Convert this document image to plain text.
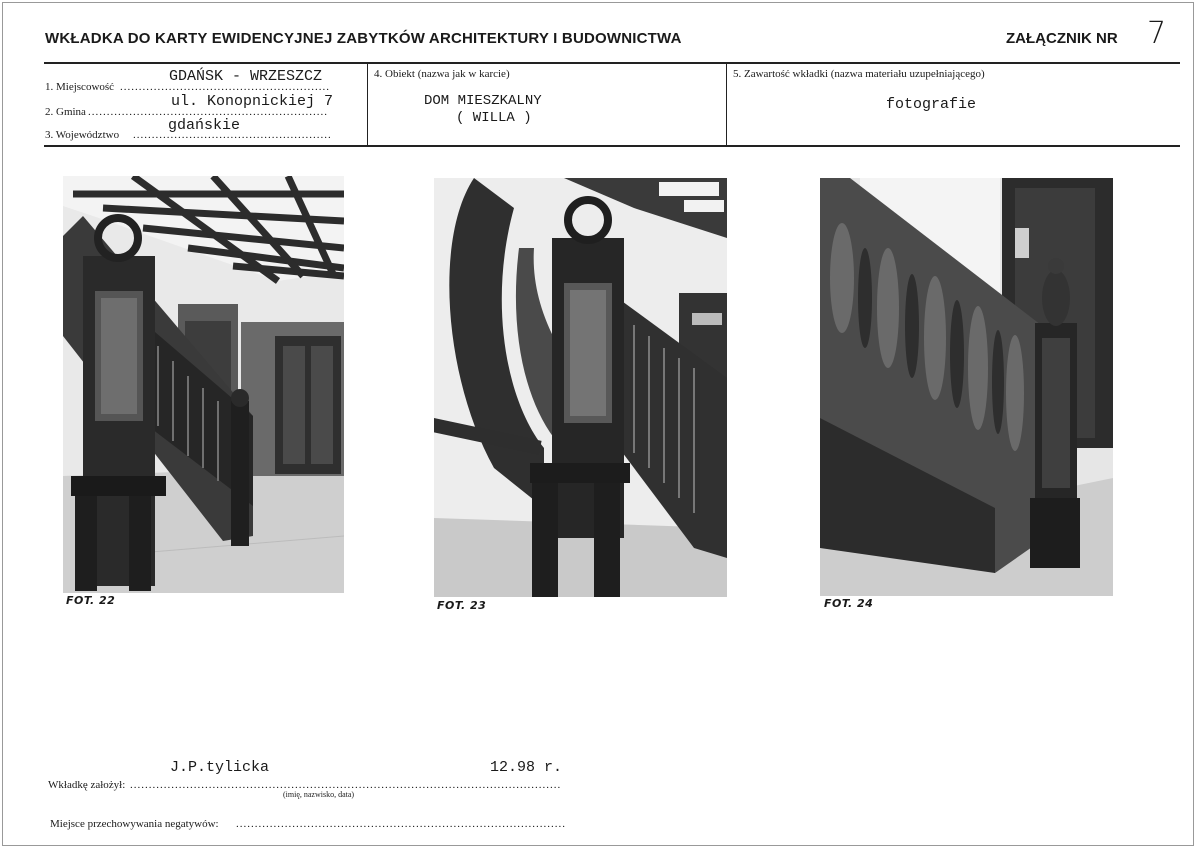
WKŁADKA DO KARTY EWIDENCYJNEJ ZABYTKÓW ARCHITEKTURY I BUDOWNICTWA	ZAŁĄCZNIK NR 7
1. Miejscowość ........................................................
GDAŃSK - WRZESZCZ
2. Gmina ................................................................
ul. Konopnickiej 7
3. Województwo .....................................................
gdańskie
4. Obiekt (nazwa jak w karcie)
DOM MIESZKALNY
( WILLA )
5. Zawartość wkładki (nazwa materiału uzupełniającego)
fotografie
FOT. 22	FOT. 23	FOT. 24
J.P.tylicka	12.98 r.
Wkładkę założył: ...................................................................................................................
(imię, nazwisko, data)
Miejsce przechowywania negatywów: ........................................................................................
